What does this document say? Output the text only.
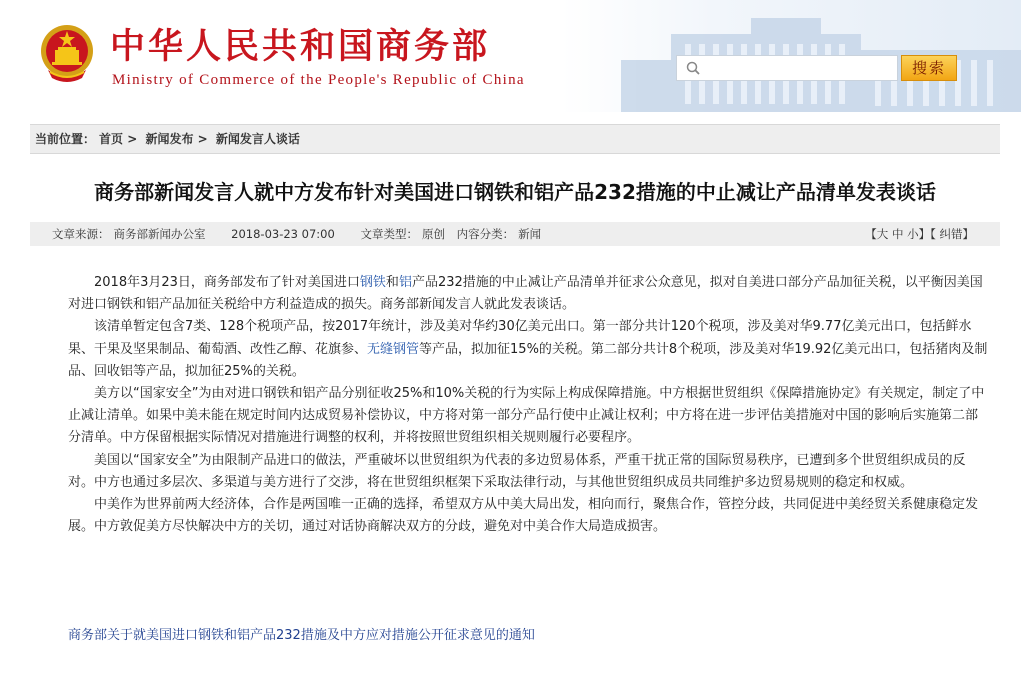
中华人民共和国商务部
Ministry of Commerce of the People's Republic of China
搜索
当前位置： 首页 > 新闻发布 > 新闻发言人谈话
商务部新闻发言人就中方发布针对美国进口钢铁和铝产品232措施的中止减让产品清单发表谈话
文章来源： 商务部新闻办公室 2018-03-23 07:00 文章类型： 原创 内容分类： 新闻	【大 中 小】【 纠错】

　　2018年3月23日，商务部发布了针对美国进口钢铁和铝产品232措施的中止减让产品清单并征求公众意见，拟对自美进口部分产品加征关税，以平衡因美国对进口钢铁和铝产品加征关税给中方利益造成的损失。商务部新闻发言人就此发表谈话。

　　该清单暂定包含7类、128个税项产品，按2017年统计，涉及美对华约30亿美元出口。第一部分共计120个税项，涉及美对华9.77亿美元出口，包括鲜水果、干果及坚果制品、葡萄酒、改性乙醇、花旗参、无缝钢管等产品，拟加征15%的关税。第二部分共计8个税项，涉及美对华19.92亿美元出口，包括猪肉及制品、回收铝等产品，拟加征25%的关税。

　　美方以“国家安全”为由对进口钢铁和铝产品分别征收25%和10%关税的行为实际上构成保障措施。中方根据世贸组织《保障措施协定》有关规定，制定了中止减让清单。如果中美未能在规定时间内达成贸易补偿协议，中方将对第一部分产品行使中止减让权利；中方将在进一步评估美措施对中国的影响后实施第二部分清单。中方保留根据实际情况对措施进行调整的权利，并将按照世贸组织相关规则履行必要程序。

　　美国以“国家安全”为由限制产品进口的做法，严重破坏以世贸组织为代表的多边贸易体系，严重干扰正常的国际贸易秩序，已遭到多个世贸组织成员的反对。中方也通过多层次、多渠道与美方进行了交涉，将在世贸组织框架下采取法律行动，与其他世贸组织成员共同维护多边贸易规则的稳定和权威。

　　中美作为世界前两大经济体，合作是两国唯一正确的选择，希望双方从中美大局出发，相向而行，聚焦合作，管控分歧，共同促进中美经贸关系健康稳定发展。中方敦促美方尽快解决中方的关切，通过对话协商解决双方的分歧，避免对中美合作大局造成损害。

商务部关于就美国进口钢铁和铝产品232措施及中方应对措施公开征求意见的通知
